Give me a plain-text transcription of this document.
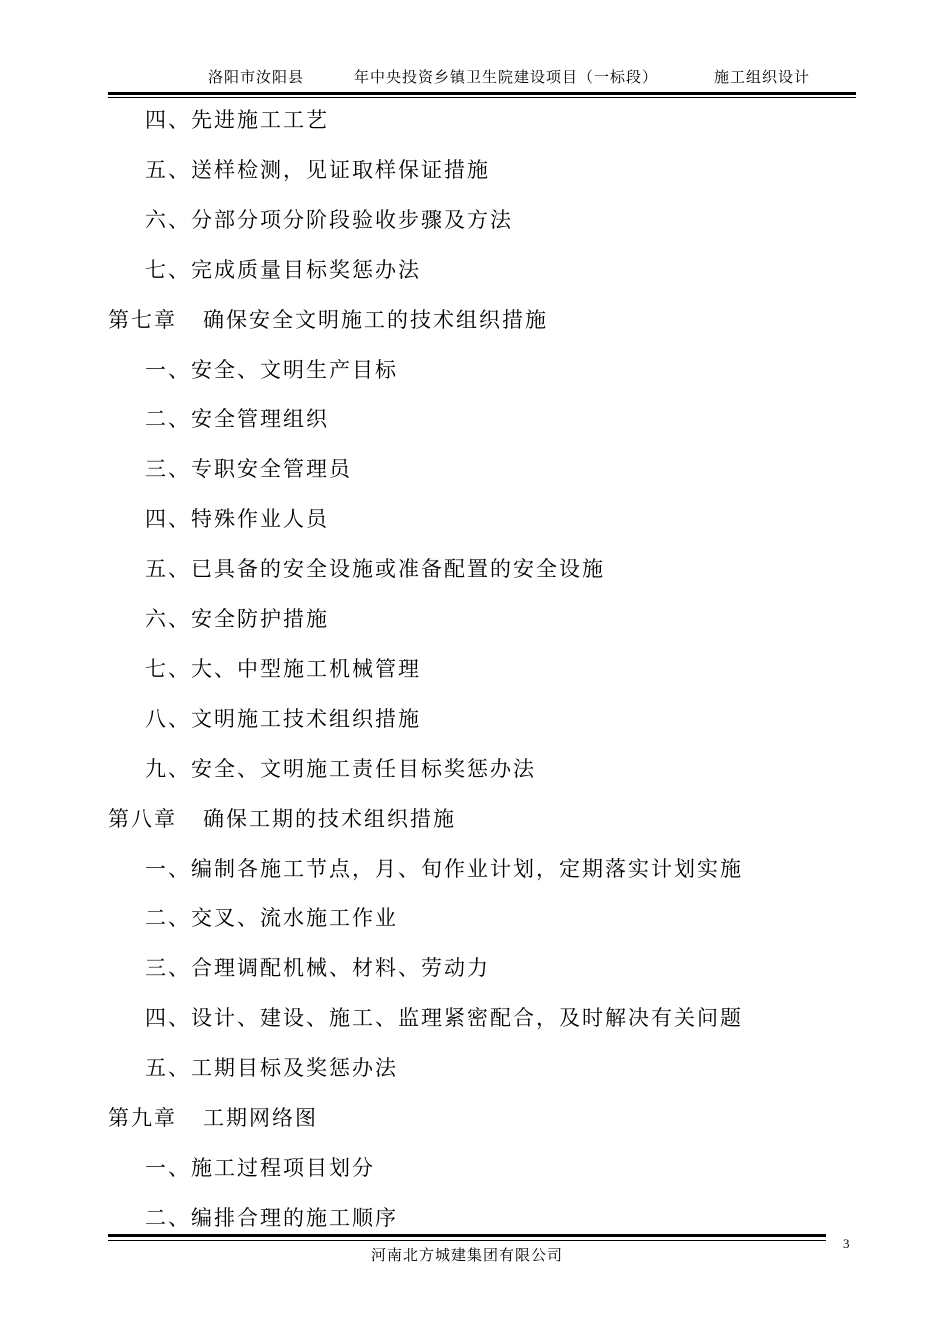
洛阳市汝阳县	年中央投资乡镇卫生院建设项目（一标段）	施工组织设计
四、先进施工工艺
五、送样检测，见证取样保证措施
六、分部分项分阶段验收步骤及方法
七、完成质量目标奖惩办法
第七章 确保安全文明施工的技术组织措施
一、安全、文明生产目标
二、安全管理组织
三、专职安全管理员
四、特殊作业人员
五、已具备的安全设施或准备配置的安全设施
六、安全防护措施
七、大、中型施工机械管理
八、文明施工技术组织措施
九、安全、文明施工责任目标奖惩办法
第八章 确保工期的技术组织措施
一、编制各施工节点，月、旬作业计划，定期落实计划实施
二、交叉、流水施工作业
三、合理调配机械、材料、劳动力
四、设计、建设、施工、监理紧密配合，及时解决有关问题
五、工期目标及奖惩办法
第九章 工期网络图
一、施工过程项目划分
二、编排合理的施工顺序
河南北方城建集团有限公司
3
